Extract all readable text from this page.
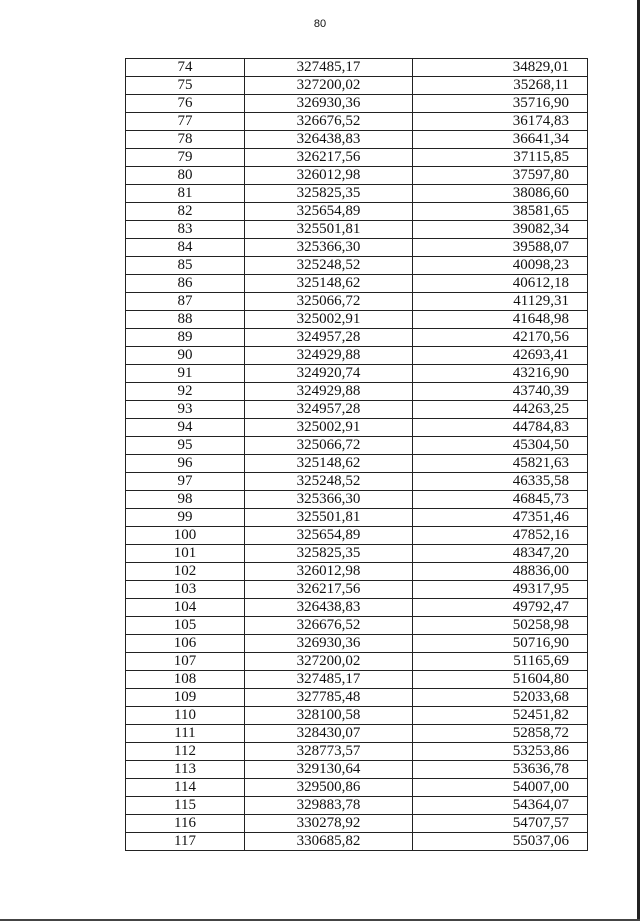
80
74	327485,17	34829,01
75	327200,02	35268,11
76	326930,36	35716,90
77	326676,52	36174,83
78	326438,83	36641,34
79	326217,56	37115,85
80	326012,98	37597,80
81	325825,35	38086,60
82	325654,89	38581,65
83	325501,81	39082,34
84	325366,30	39588,07
85	325248,52	40098,23
86	325148,62	40612,18
87	325066,72	41129,31
88	325002,91	41648,98
89	324957,28	42170,56
90	324929,88	42693,41
91	324920,74	43216,90
92	324929,88	43740,39
93	324957,28	44263,25
94	325002,91	44784,83
95	325066,72	45304,50
96	325148,62	45821,63
97	325248,52	46335,58
98	325366,30	46845,73
99	325501,81	47351,46
100	325654,89	47852,16
101	325825,35	48347,20
102	326012,98	48836,00
103	326217,56	49317,95
104	326438,83	49792,47
105	326676,52	50258,98
106	326930,36	50716,90
107	327200,02	51165,69
108	327485,17	51604,80
109	327785,48	52033,68
110	328100,58	52451,82
111	328430,07	52858,72
112	328773,57	53253,86
113	329130,64	53636,78
114	329500,86	54007,00
115	329883,78	54364,07
116	330278,92	54707,57
117	330685,82	55037,06
